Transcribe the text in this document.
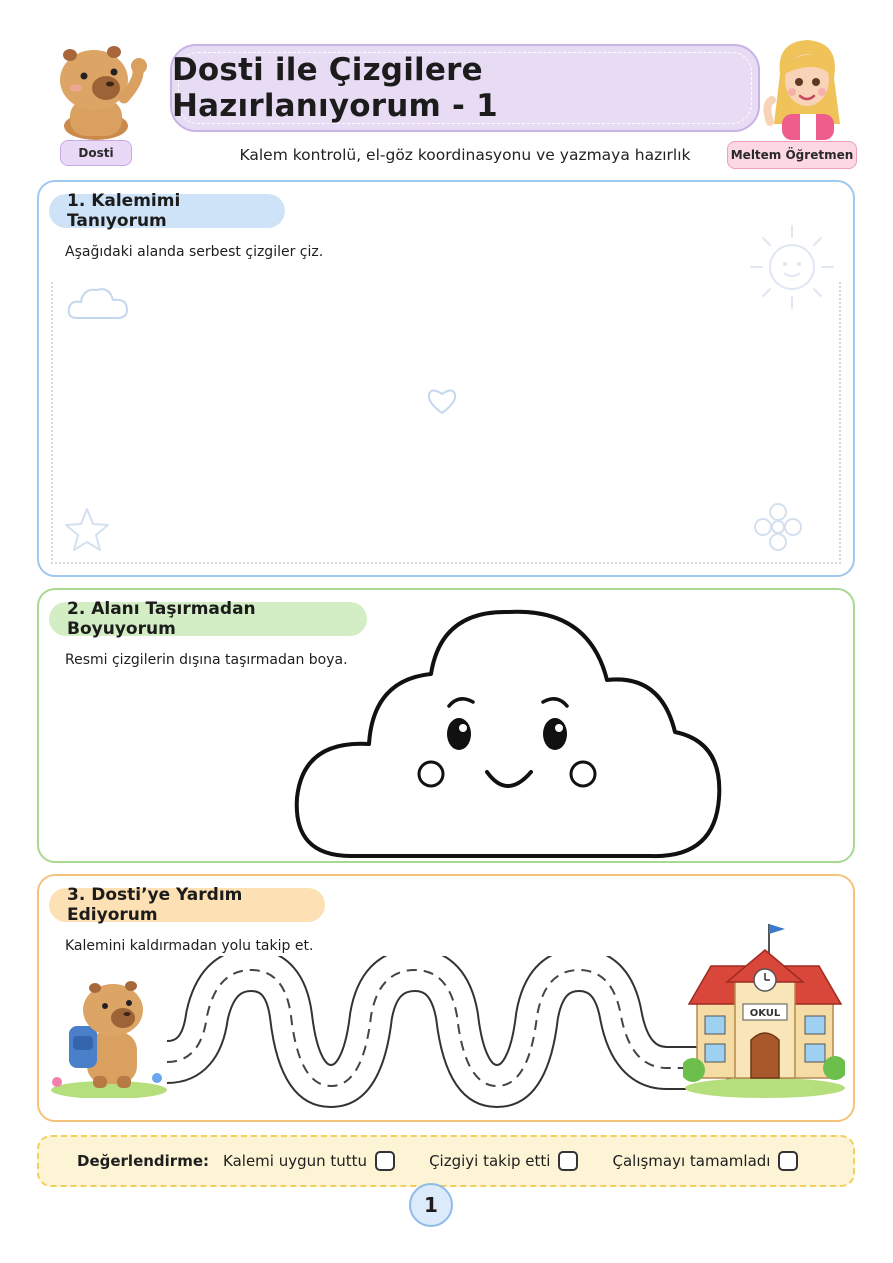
Dosti
Dosti ile Çizgilere Hazırlanıyorum - 1
Kalem kontrolü, el-göz koordinasyonu ve yazmaya hazırlık	Meltem Öğretmen
1. Kalemimi Tanıyorum
Aşağıdaki alanda serbest çizgiler çiz.
2. Alanı Taşırmadan Boyuyorum
Resmi çizgilerin dışına taşırmadan boya.
3. Dosti’ye Yardım Ediyorum
Kalemini kaldırmadan yolu takip et.
OKUL
Değerlendirme: Kalemi uygun tuttu	Çizgiyi takip etti	Çalışmayı tamamladı
1
